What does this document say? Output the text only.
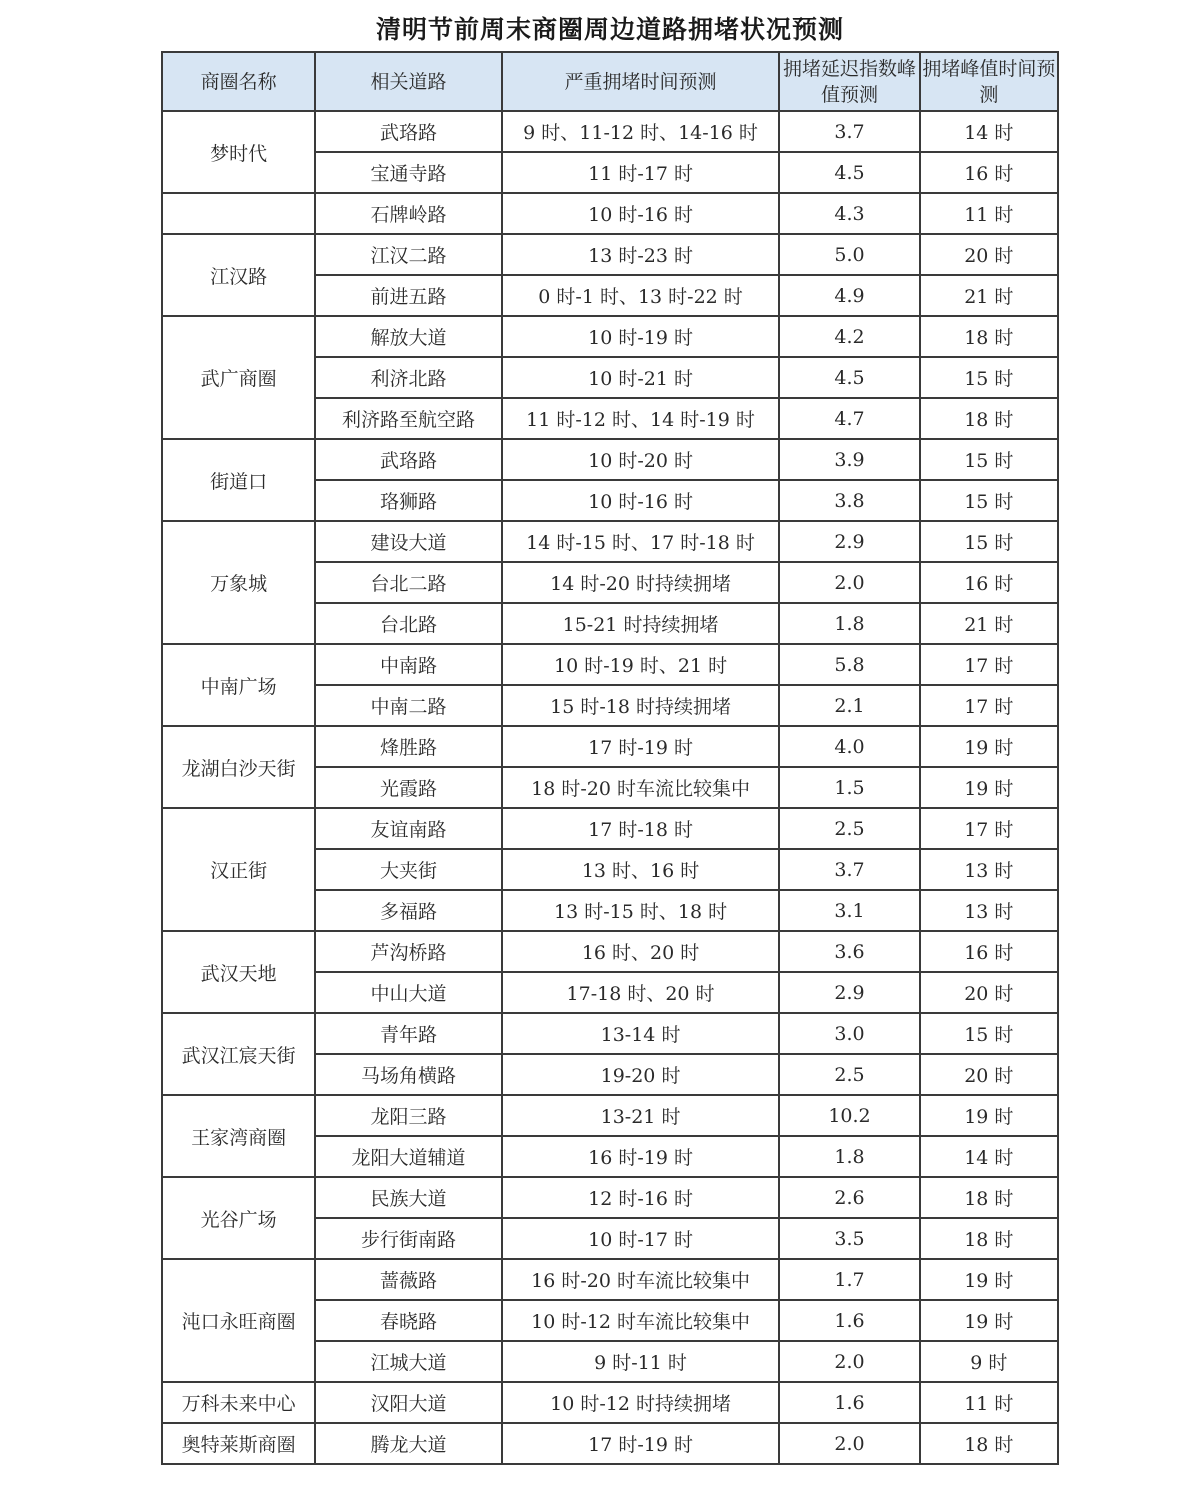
清明节前周末商圈周边道路拥堵状况预测
商圈名称	相关道路	严重拥堵时间预测	拥堵延迟指数峰值预测	拥堵峰值时间预测
梦时代	武珞路	9 时、11-12 时、14-16 时	3.7	14 时
	宝通寺路	11 时-17 时	4.5	16 时
	石牌岭路	10 时-16 时	4.3	11 时
江汉路	江汉二路	13 时-23 时	5.0	20 时
	前进五路	0 时-1 时、13 时-22 时	4.9	21 时
武广商圈	解放大道	10 时-19 时	4.2	18 时
	利济北路	10 时-21 时	4.5	15 时
	利济路至航空路	11 时-12 时、14 时-19 时	4.7	18 时
街道口	武珞路	10 时-20 时	3.9	15 时
	珞狮路	10 时-16 时	3.8	15 时
万象城	建设大道	14 时-15 时、17 时-18 时	2.9	15 时
	台北二路	14 时-20 时持续拥堵	2.0	16 时
	台北路	15-21 时持续拥堵	1.8	21 时
中南广场	中南路	10 时-19 时、21 时	5.8	17 时
	中南二路	15 时-18 时持续拥堵	2.1	17 时
龙湖白沙天街	烽胜路	17 时-19 时	4.0	19 时
	光霞路	18 时-20 时车流比较集中	1.5	19 时
汉正街	友谊南路	17 时-18 时	2.5	17 时
	大夹街	13 时、16 时	3.7	13 时
	多福路	13 时-15 时、18 时	3.1	13 时
武汉天地	芦沟桥路	16 时、20 时	3.6	16 时
	中山大道	17-18 时、20 时	2.9	20 时
武汉江宸天街	青年路	13-14 时	3.0	15 时
	马场角横路	19-20 时	2.5	20 时
王家湾商圈	龙阳三路	13-21 时	10.2	19 时
	龙阳大道辅道	16 时-19 时	1.8	14 时
光谷广场	民族大道	12 时-16 时	2.6	18 时
	步行街南路	10 时-17 时	3.5	18 时
沌口永旺商圈	蔷薇路	16 时-20 时车流比较集中	1.7	19 时
	春晓路	10 时-12 时车流比较集中	1.6	19 时
	江城大道	9 时-11 时	2.0	9 时
万科未来中心	汉阳大道	10 时-12 时持续拥堵	1.6	11 时
奥特莱斯商圈	腾龙大道	17 时-19 时	2.0	18 时
